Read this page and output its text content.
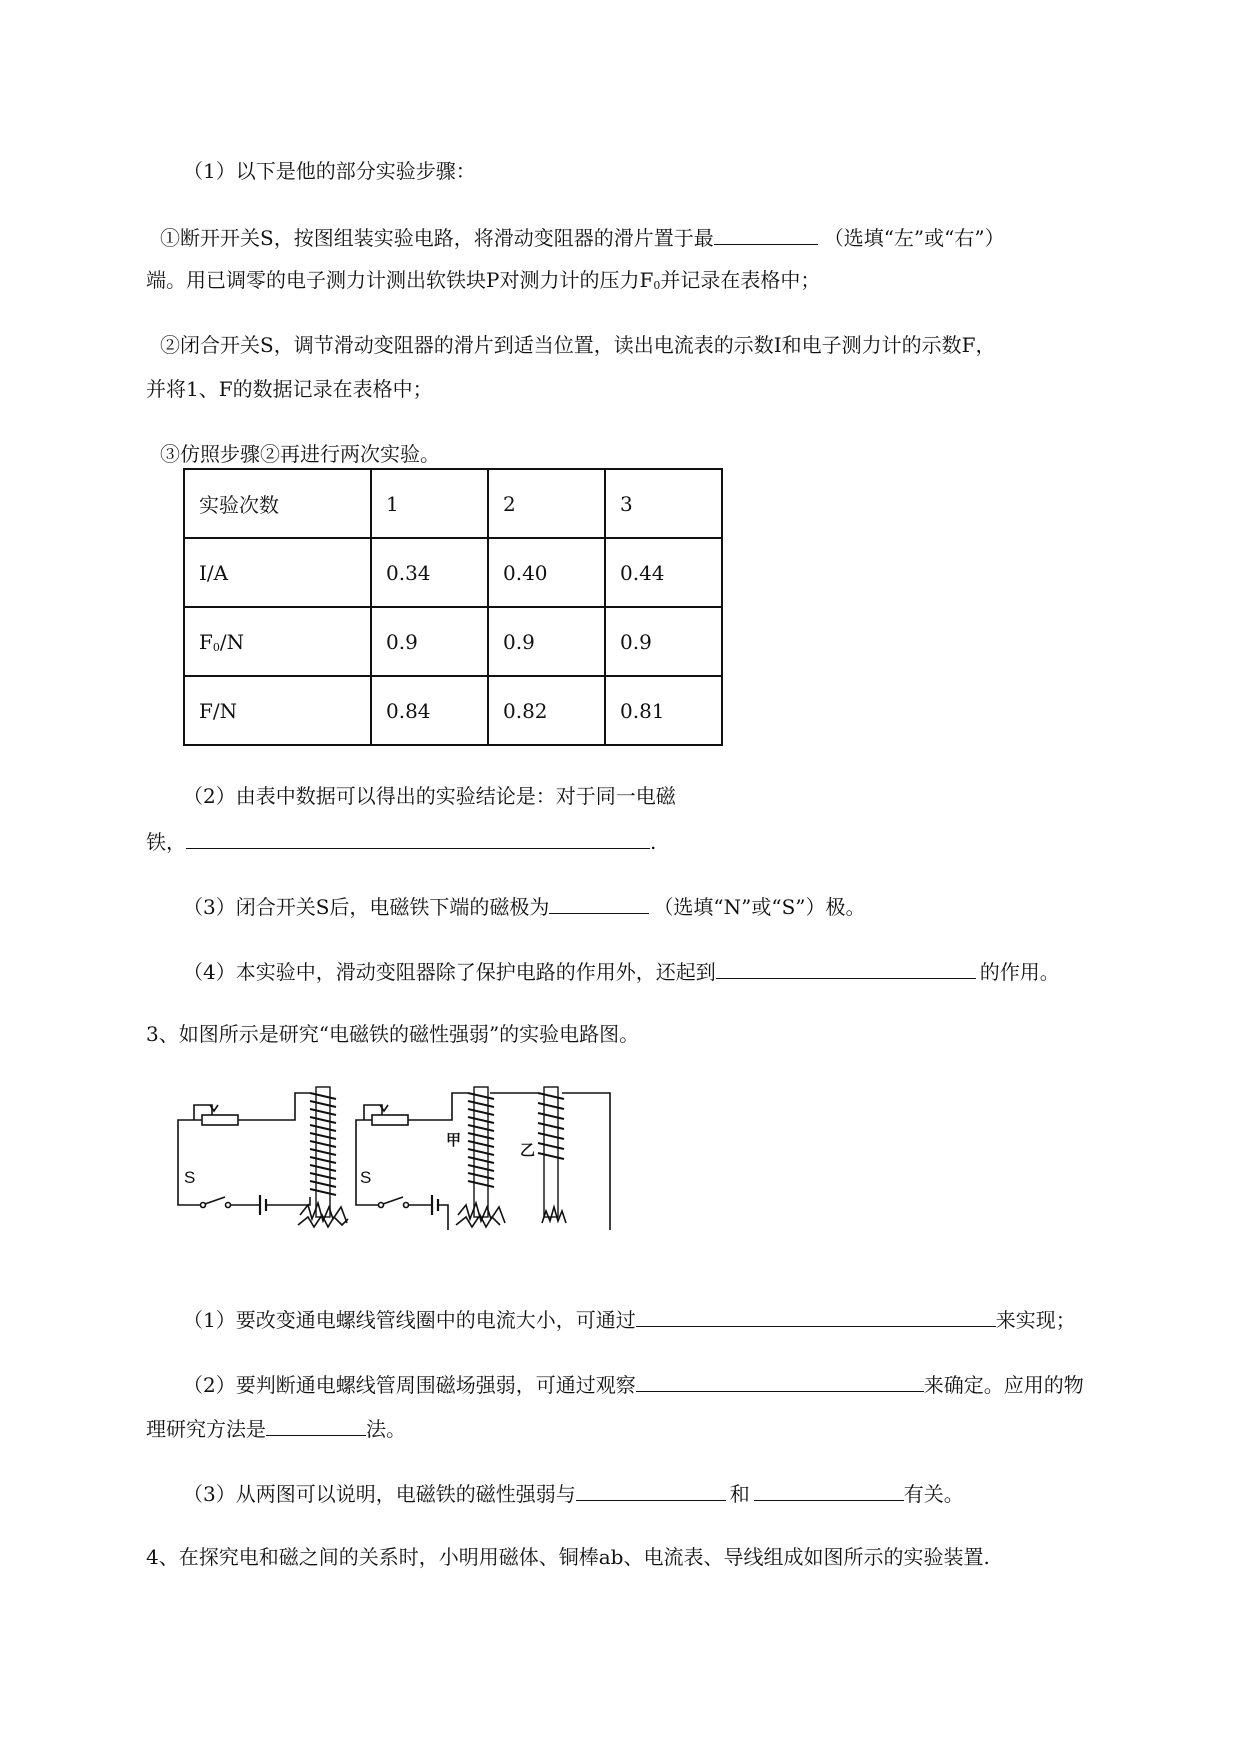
（1）以下是他的部分实验步骤：
①断开开关S，按图组装实验电路，将滑动变阻器的滑片置于最	（选填“左”或“右”）
端。用已调零的电子测力计测出软铁块P对测力计的压力$F_0$并记录在表格中；
②闭合开关S，调节滑动变阻器的滑片到适当位置，读出电流表的示数I和电子测力计的示数F，
并将1、F的数据记录在表格中；
③仿照步骤②再进行两次实验。
实验次数	1	2	3
I/A	0.34	0.40	0.44
$F_0/N$	0.9	0.9	0.9
F/N	0.84	0.82	0.81
（2）由表中数据可以得出的实验结论是：对于同一电磁
铁，	.
（3）闭合开关S后，电磁铁下端的磁极为	（选填“N”或“S”）极。
（4）本实验中，滑动变阻器除了保护电路的作用外，还起到	的作用。
3、如图所示是研究“电磁铁的磁性强弱”的实验电路图。
S	S
甲
乙
（1）要改变通电螺线管线圈中的电流大小，可通过	来实现；
（2）要判断通电螺线管周围磁场强弱，可通过观察	来确定。应用的物
理研究方法是	法。
（3）从两图可以说明，电磁铁的磁性强弱与	和	有关。
4、在探究电和磁之间的关系时，小明用磁体、铜棒ab、电流表、导线组成如图所示的实验装置.
